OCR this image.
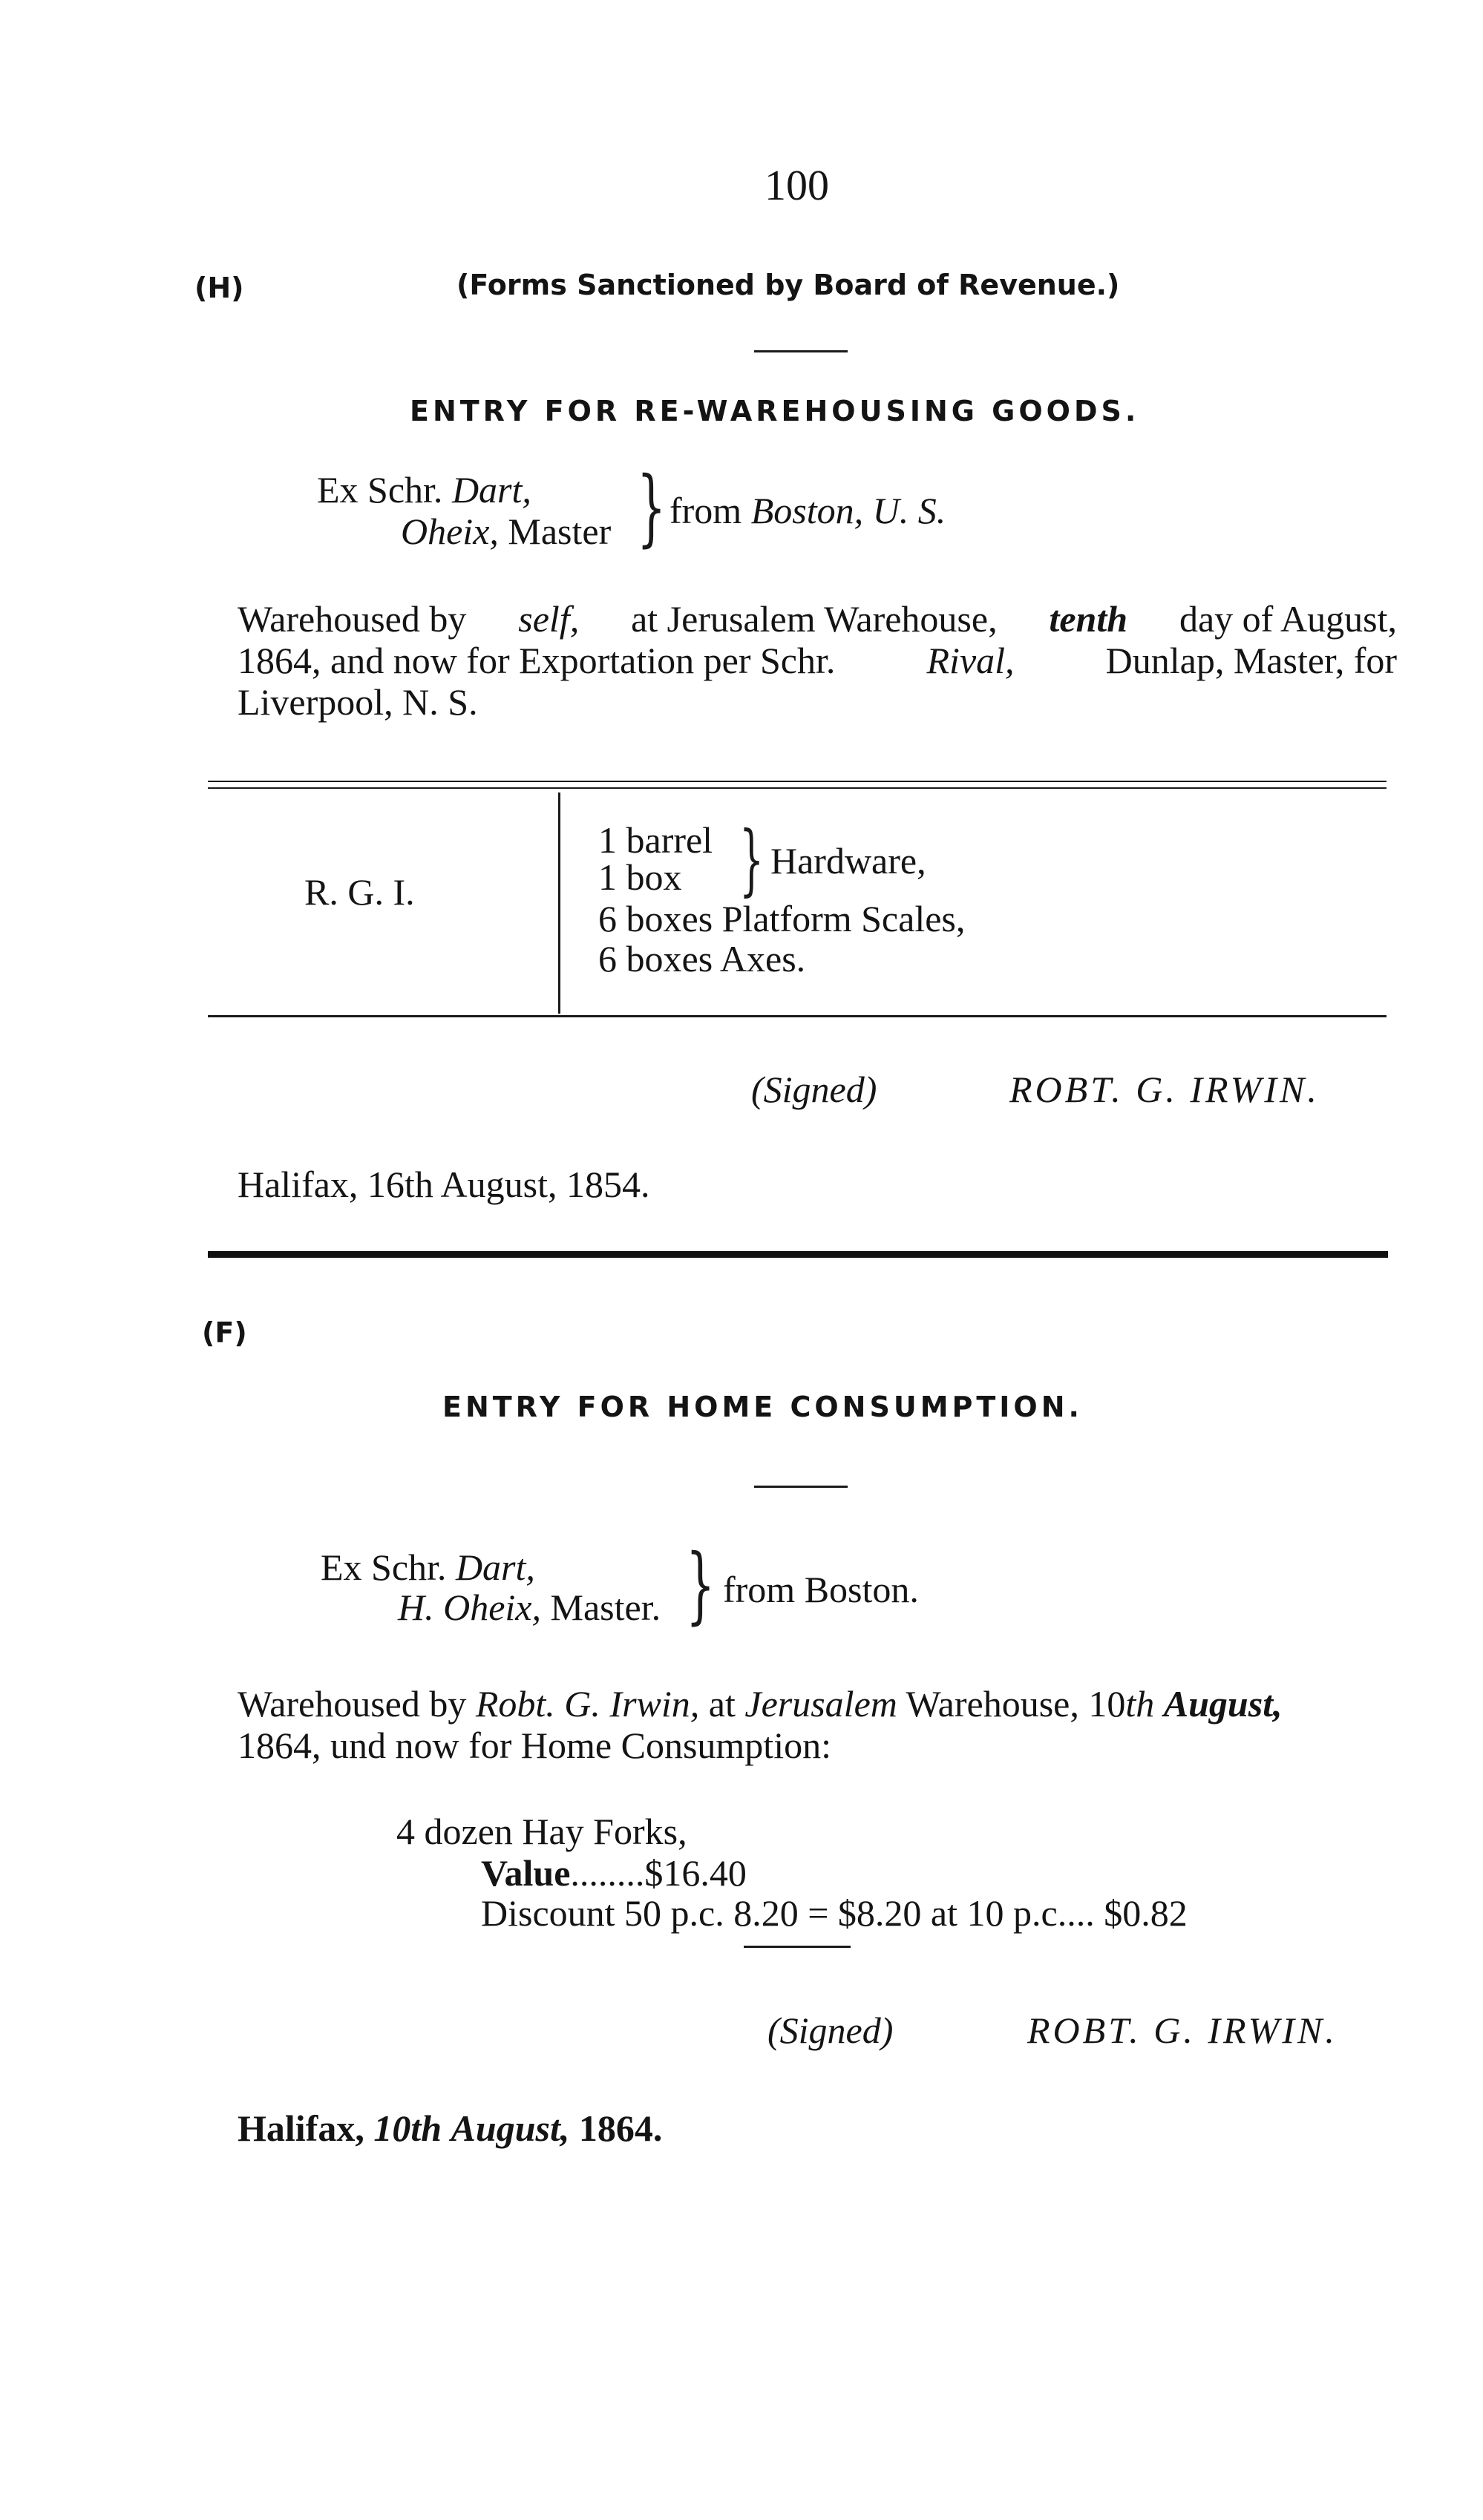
100
(H)	(Forms Sanctioned by Board of Revenue.)
ENTRY FOR RE-WAREHOUSING GOODS.
Ex Schr. Dart,
Oheix, Master } from Boston, U. S.
Warehoused by self, at Jerusalem Warehouse, tenth day of August,
1864, and now for Exportation per Schr. Rival, Dunlap, Master, for
Liverpool, N. S.
R. G. I.
1 barrel
1 box } Hardware,
6 boxes Platform Scales,
6 boxes Axes.
(Signed)	ROBT. G. IRWIN.
Halifax, 16th August, 1854.
(F)
ENTRY FOR HOME CONSUMPTION.
Ex Schr. Dart,
H. Oheix, Master. } from Boston.
Warehoused by Robt. G. Irwin, at Jerusalem Warehouse, 10th August,
1864, und now for Home Consumption:
4 dozen Hay Forks,
Value........$16.40
Discount 50 p.c. 8.20 = $8.20 at 10 p.c.... $0.82
(Signed)	ROBT. G. IRWIN.
Halifax, 10th August, 1864.
